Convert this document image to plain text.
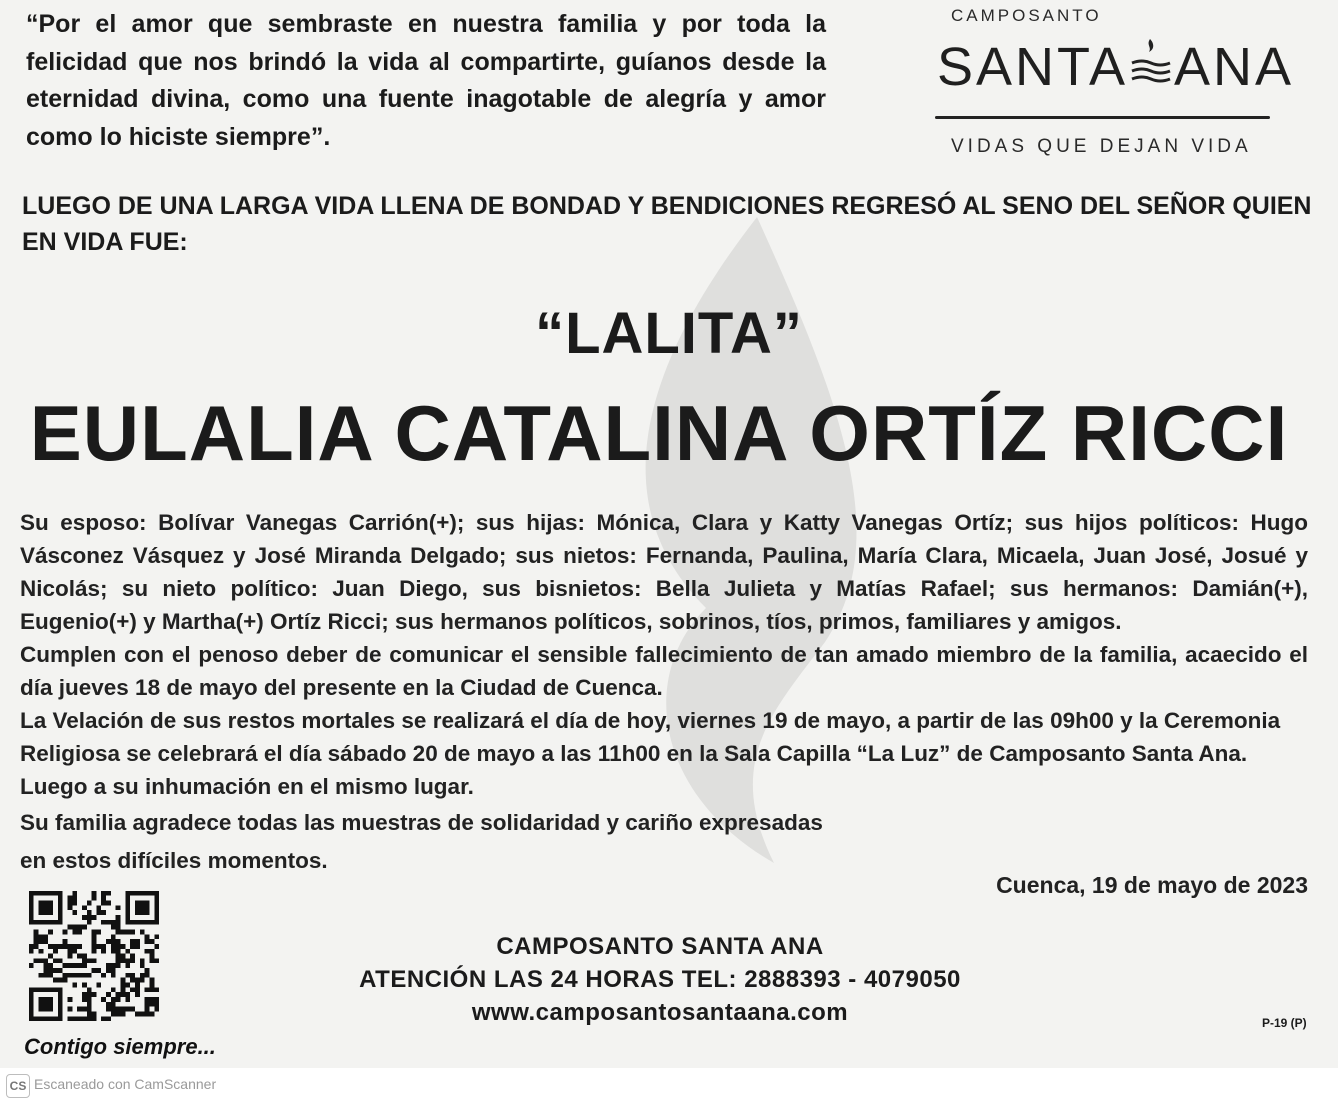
“Por el amor que sembraste en nuestra familia y por toda la felicidad que nos brindó la vida al compartirte, guíanos desde la eternidad divina, como una fuente inagotable de alegría y amor como lo hiciste siempre”.
CAMPOSANTO
SANTA ANA
VIDAS QUE DEJAN VIDA
LUEGO DE UNA LARGA VIDA LLENA DE BONDAD Y BENDICIONES REGRESÓ AL SENO DEL SEÑOR QUIEN EN VIDA FUE:
“LALITA”
EULALIA CATALINA ORTÍZ RICCI

Su esposo: Bolívar Vanegas Carrión(+); sus hijas: Mónica, Clara y Katty Vanegas Ortíz; sus hijos políticos: Hugo Vásconez Vásquez y José Miranda Delgado; sus nietos: Fernanda, Paulina, María Clara, Micaela, Juan José, Josué y Nicolás; su nieto político: Juan Diego, sus bisnietos: Bella Julieta y Matías Rafael; sus hermanos: Damián(+), Eugenio(+) y Martha(+) Ortíz Ricci; sus hermanos políticos, sobrinos, tíos, primos, familiares y amigos.

Cumplen con el penoso deber de comunicar el sensible fallecimiento de tan amado miembro de la familia, acaecido el día jueves 18 de mayo del presente en la Ciudad de Cuenca.

La Velación de sus restos mortales se realizará el día de hoy, viernes 19 de mayo, a partir de las 09h00 y la Ceremonia Religiosa se celebrará el día sábado 20 de mayo a las 11h00 en la Sala Capilla “La Luz” de Camposanto Santa Ana. Luego a su inhumación en el mismo lugar.

Su familia agradece todas las muestras de solidaridad y cariño expresadas
en estos difíciles momentos.
Cuenca, 19 de mayo de 2023
Contigo siempre...
CAMPOSANTO SANTA ANA
ATENCIÓN LAS 24 HORAS TEL: 2888393 - 4079050
www.camposantosantaana.com	P-19 (P)
CS Escaneado con CamScanner
